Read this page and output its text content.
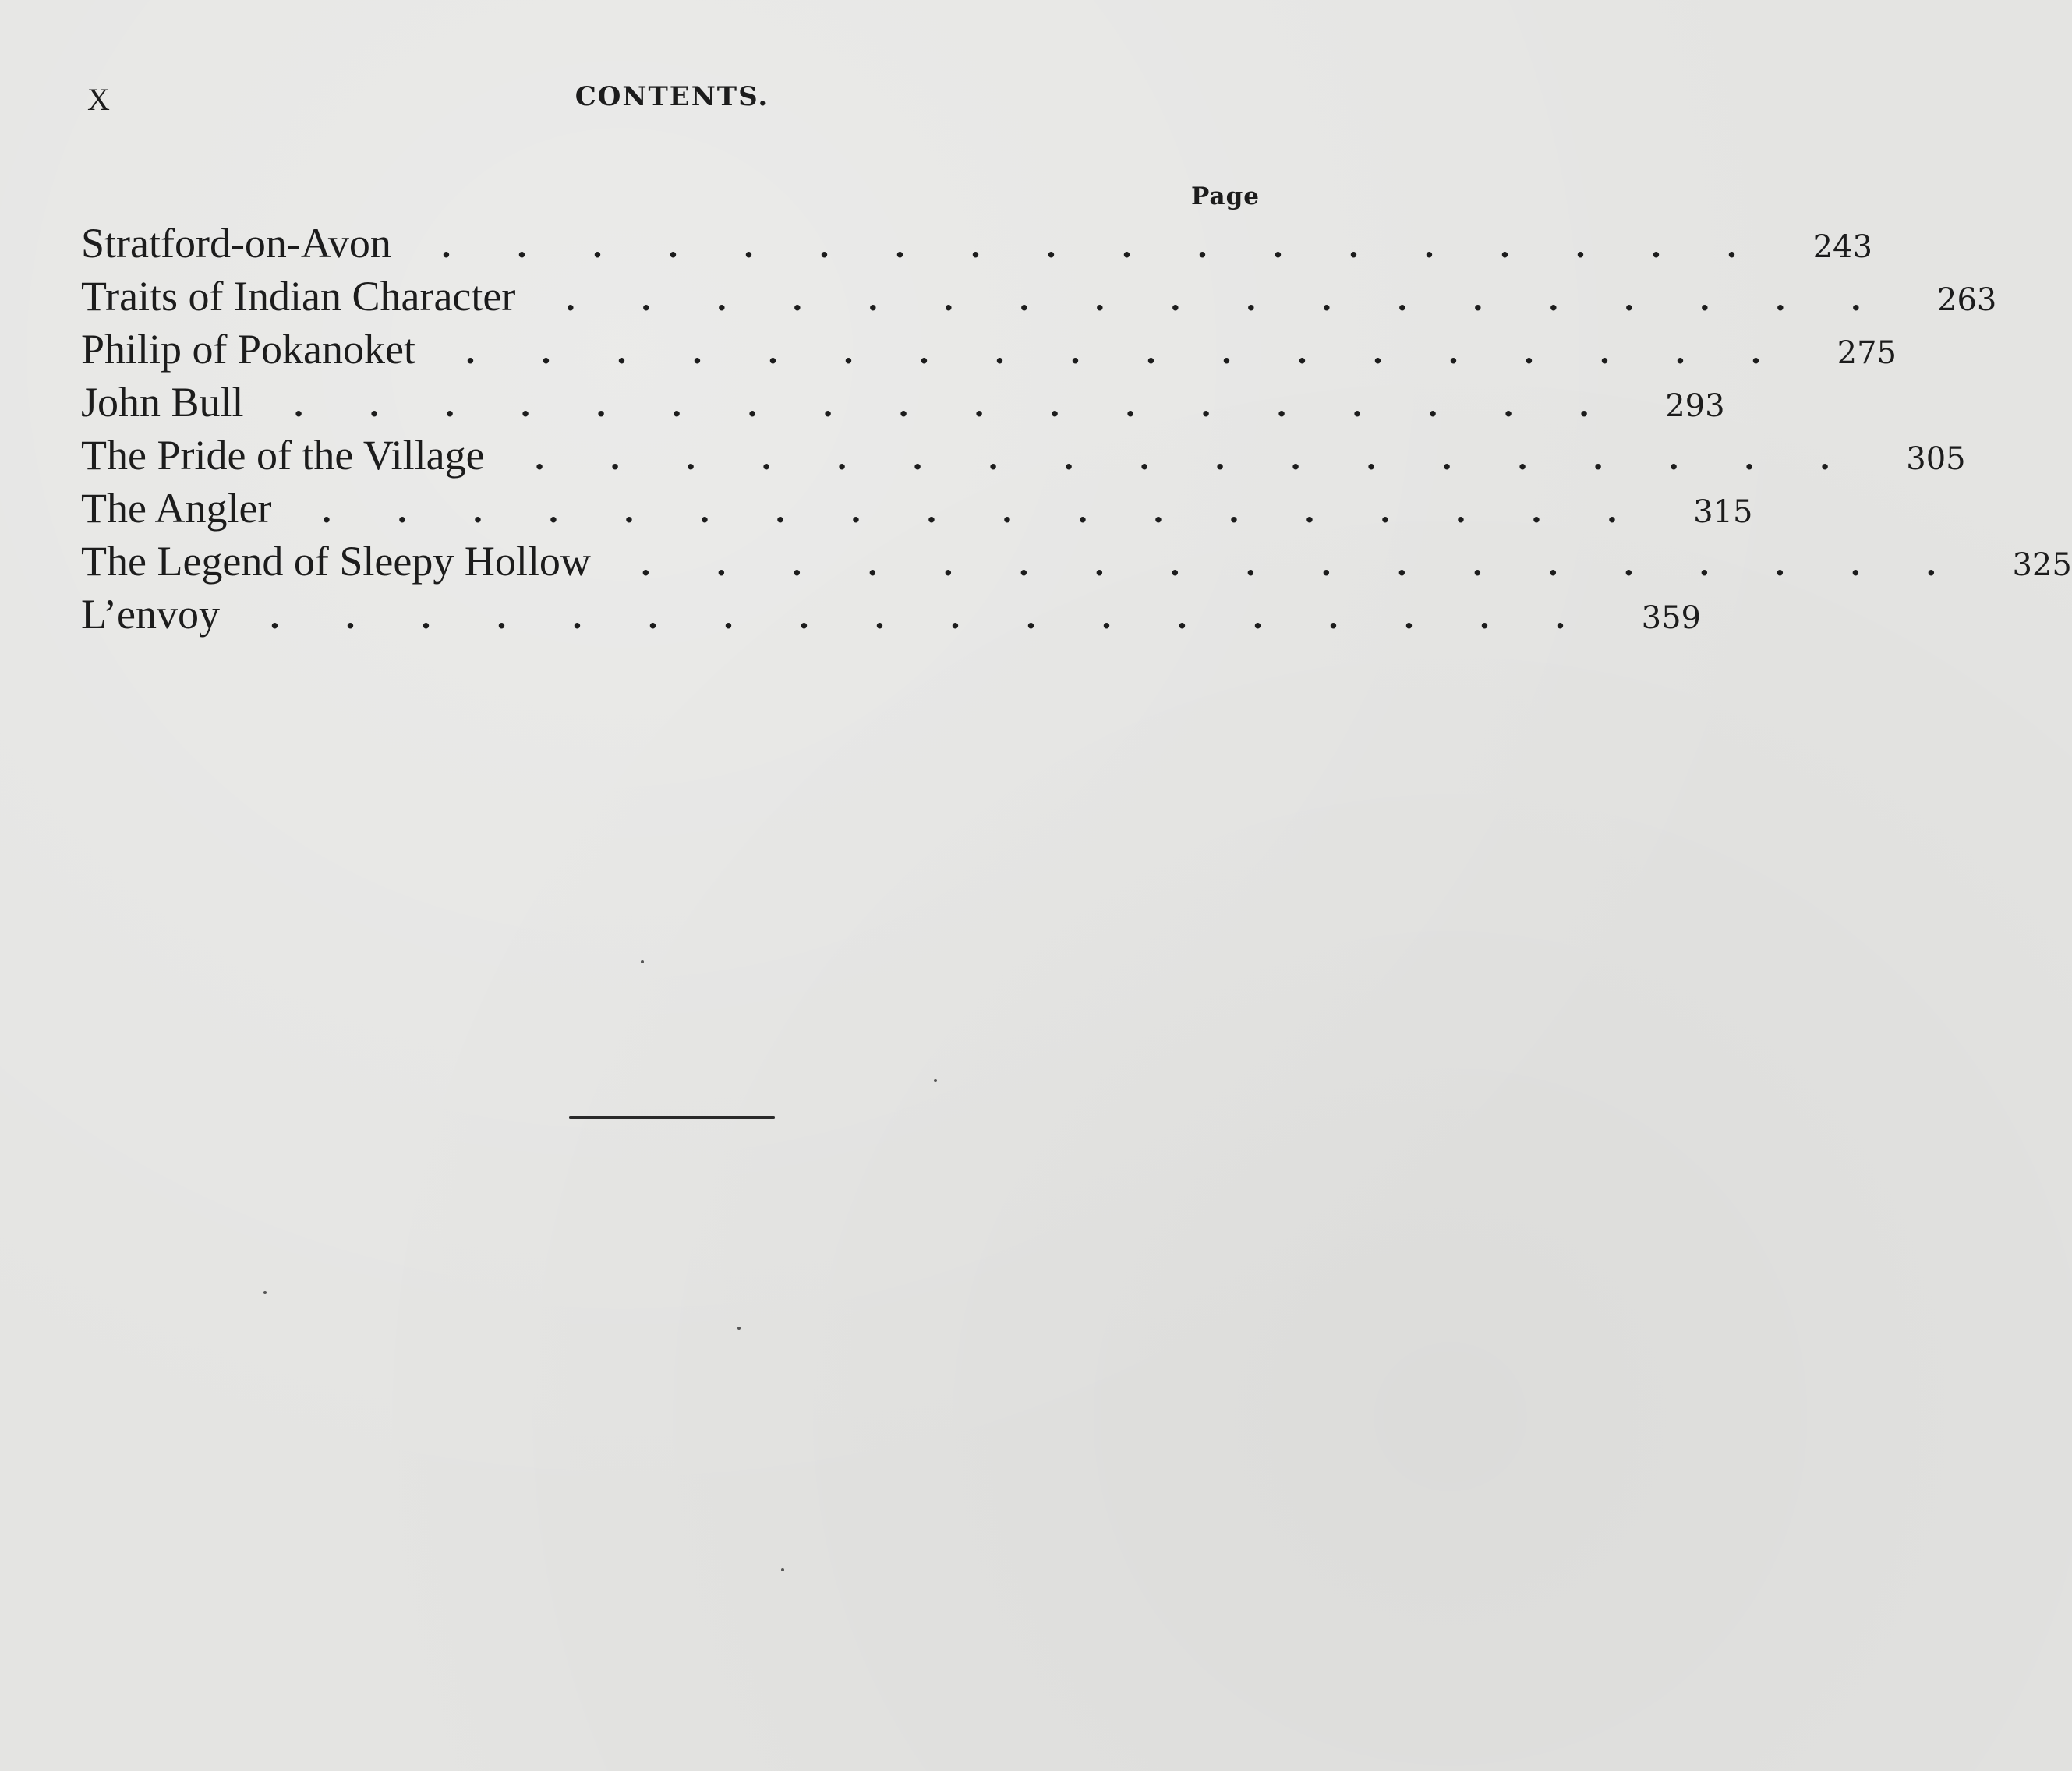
X	CONTENTS.
Page
Stratford-on-Avon	..................	243
Traits of Indian Character	..................	263
Philip of Pokanoket	..................	275
John Bull	..................	293
The Pride of the Village	..................	305
The Angler	..................	315
The Legend of Sleepy Hollow	..................	325
L’envoy	..................	359
